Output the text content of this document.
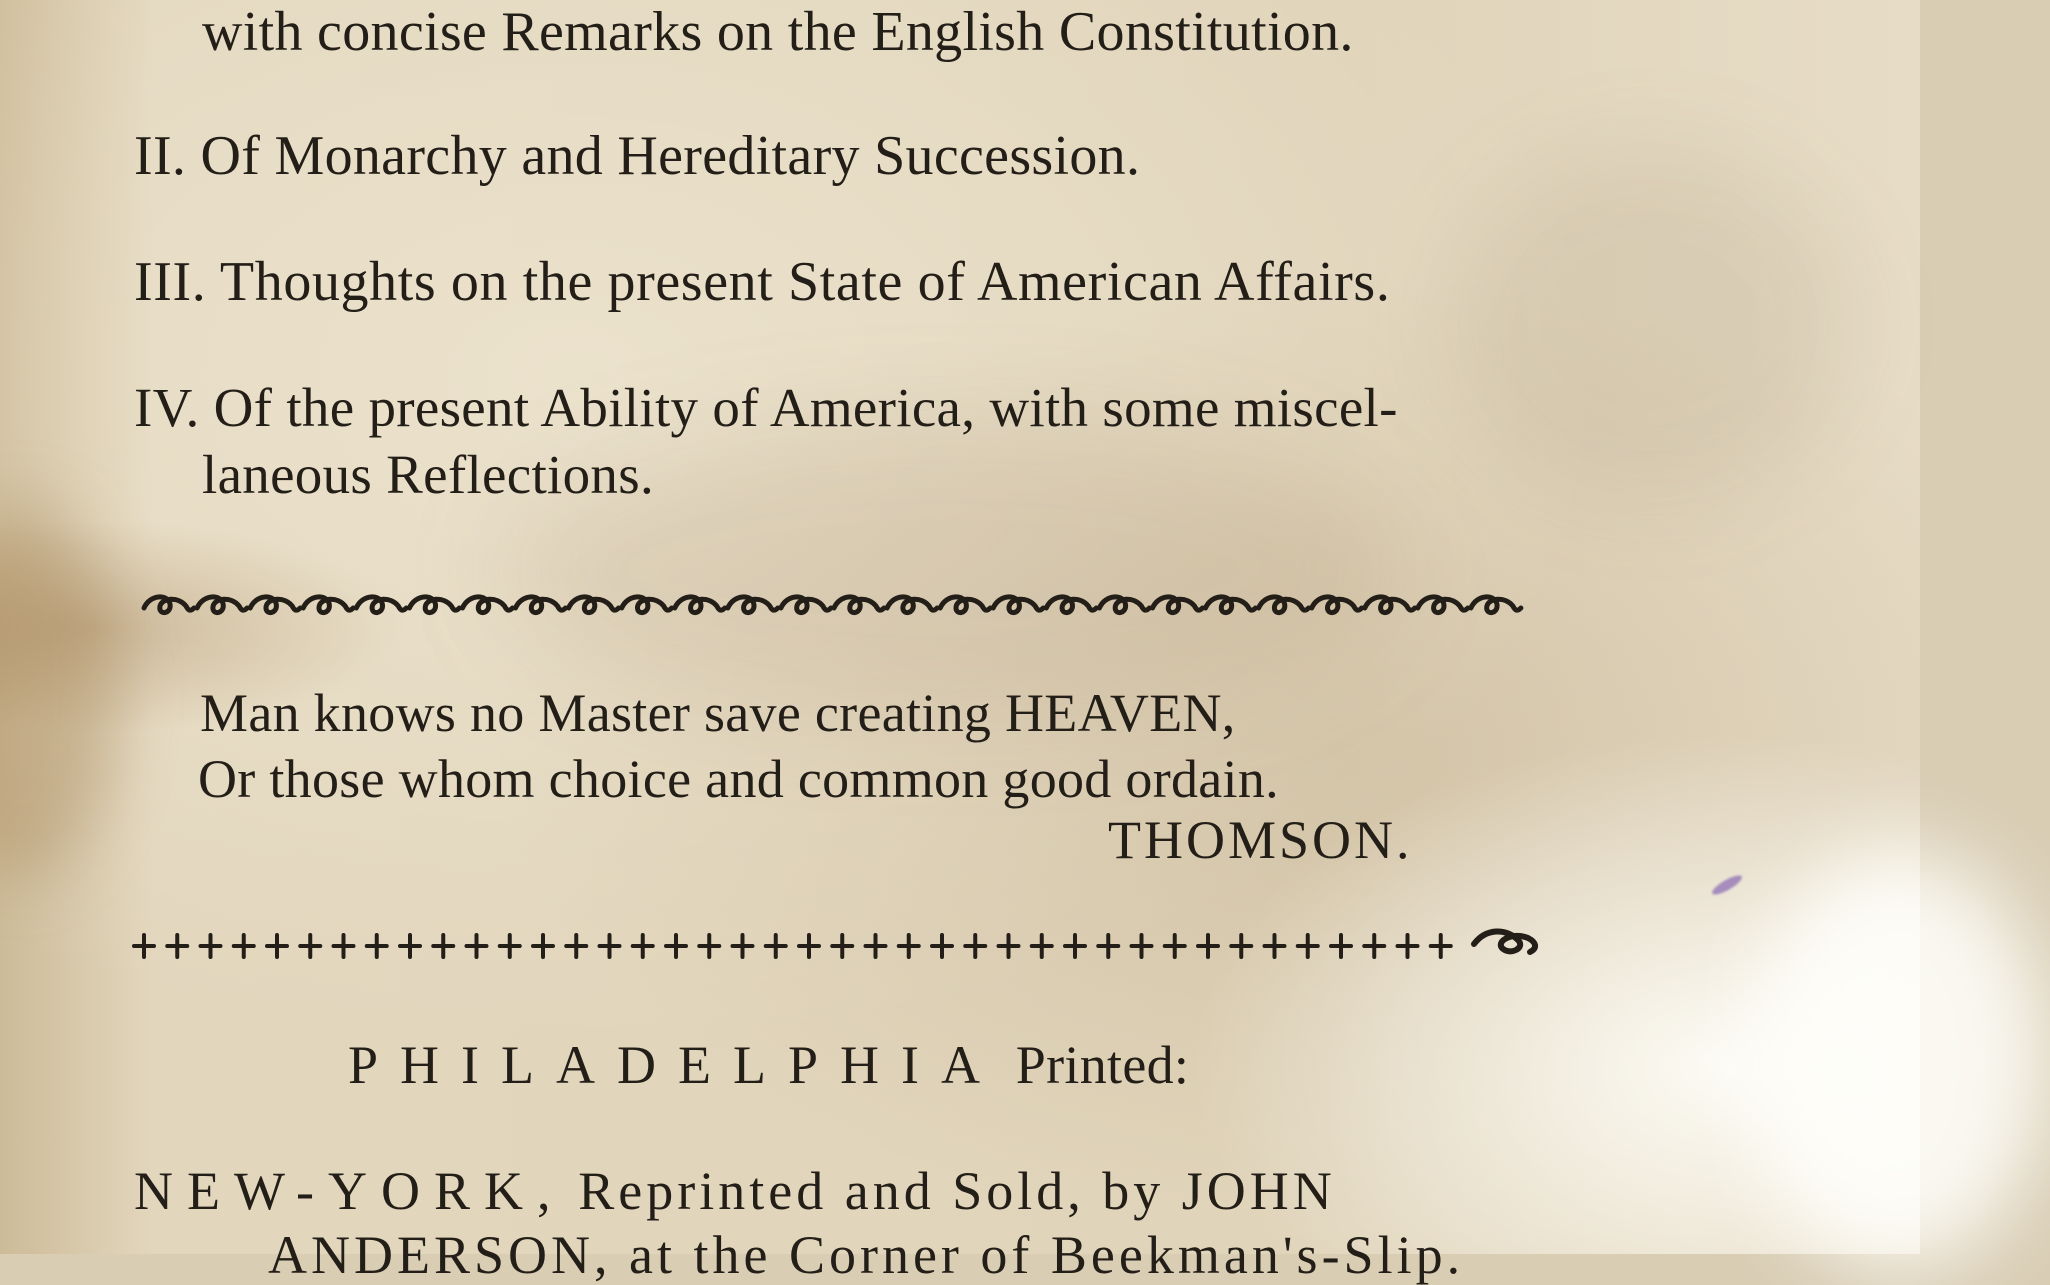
with concise Remarks on the English Constitution.

II. Of Monarchy and Hereditary Succession.

III. Thoughts on the present State of American Affairs.

IV. Of the present Ability of America, with some miscel-

laneous Reflections.

Man knows no Master save creating HEAVEN,

Or those whom choice and common good ordain.

THOMSON.

PHILADELPHIA Printed:

NEW-YORK, Reprinted and Sold, by JOHN

ANDERSON, at the Corner of Beekman's-Slip.
